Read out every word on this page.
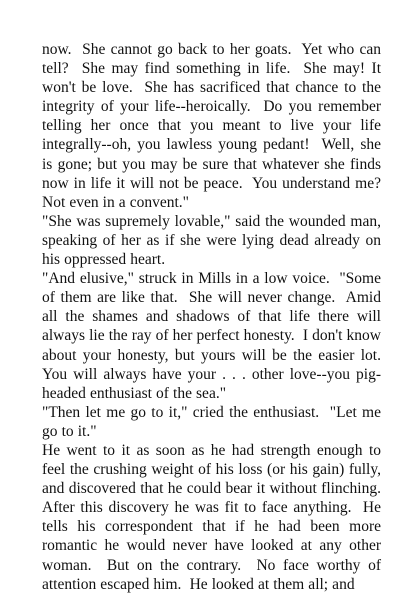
now.  She cannot go back to her goats.  Yet who can tell?  She may find something in life.  She may! It won't be love.  She has sacrificed that chance to the integrity of your life--heroically.  Do you remember telling her once that you meant to live your life integrally--oh, you lawless young pedant!  Well, she is gone; but you may be sure that whatever she finds now in life it will not be peace.  You understand me? Not even in a convent."

"She was supremely lovable," said the wounded man, speaking of her as if she were lying dead already on his oppressed heart.

"And elusive," struck in Mills in a low voice.  "Some of them are like that.  She will never change.  Amid all the shames and shadows of that life there will always lie the ray of her perfect honesty.  I don't know about your honesty, but yours will be the easier lot. You will always have your . . . other love--you pig-headed enthusiast of the sea."

"Then let me go to it," cried the enthusiast.  "Let me go to it."

He went to it as soon as he had strength enough to feel the crushing weight of his loss (or his gain) fully, and discovered that he could bear it without flinching. After this discovery he was fit to face anything.  He tells his correspondent that if he had been more romantic he would never have looked at any other woman.  But on the contrary.  No face worthy of attention escaped him.  He looked at them all; and
